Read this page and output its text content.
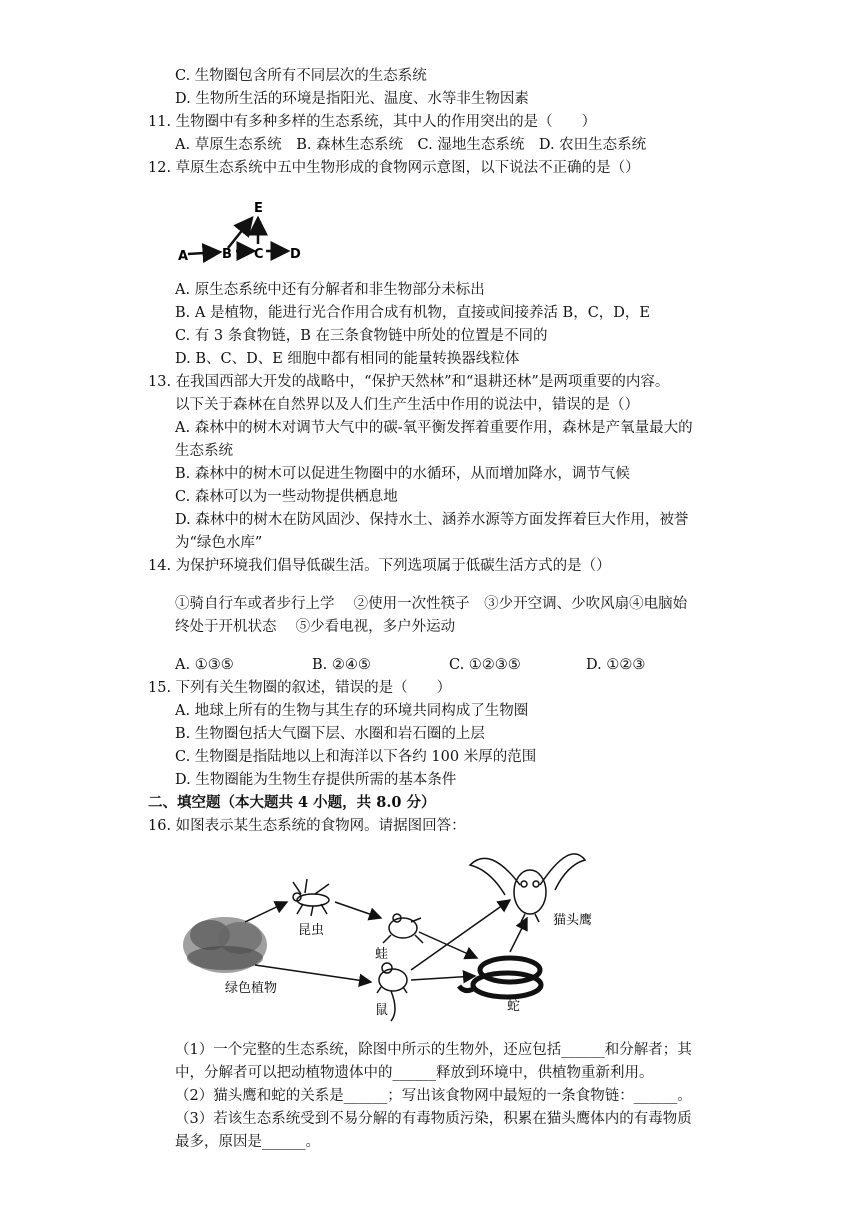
C. 生物圈包含所有不同层次的生态系统
D. 生物所生活的环境是指阳光、温度、水等非生物因素
11. 生物圈中有多种多样的生态系统，其中人的作用突出的是（　　）
A. 草原生态系统　B. 森林生态系统　C. 湿地生态系统　D. 农田生态系统
12. 草原生态系统中五中生物形成的食物网示意图，以下说法不正确的是（）
A	B
E
C D
A. 原生态系统中还有分解者和非生物部分未标出
B. A 是植物，能进行光合作用合成有机物，直接或间接养活 B，C，D，E
C. 有 3 条食物链，B 在三条食物链中所处的位置是不同的
D. B、C、D、E 细胞中都有相同的能量转换器线粒体
13. 在我国西部大开发的战略中，“保护天然林”和“退耕还林”是两项重要的内容。
以下关于森林在自然界以及人们生产生活中作用的说法中，错误的是（）
A. 森林中的树木对调节大气中的碳-氧平衡发挥着重要作用，森林是产氧量最大的
生态系统
B. 森林中的树木可以促进生物圈中的水循环，从而增加降水，调节气候
C. 森林可以为一些动物提供栖息地
D. 森林中的树木在防风固沙、保持水土、涵养水源等方面发挥着巨大作用，被誉
为“绿色水库”
14. 为保护环境我们倡导低碳生活。下列选项属于低碳生活方式的是（）
①骑自行车或者步行上学　 ②使用一次性筷子　③少开空调、少吹风扇④电脑始
终处于开机状态　 ⑤少看电视，多户外运动
A. ①③⑤	B. ②④⑤	C. ①②③⑤	D. ①②③
15. 下列有关生物圈的叙述，错误的是（　　）
A. 地球上所有的生物与其生存的环境共同构成了生物圈
B. 生物圈包括大气圈下层、水圈和岩石圈的上层
C. 生物圈是指陆地以上和海洋以下各约 100 米厚的范围
D. 生物圈能为生物生存提供所需的基本条件
二、填空题（本大题共 4 小题，共 8.0 分）
16. 如图表示某生态系统的食物网。请据图回答：
昆虫
蛙
鼠	蛇
猫头鹰
绿色植物
（1）一个完整的生态系统，除图中所示的生物外，还应包括______和分解者；其
中，分解者可以把动植物遗体中的______释放到环境中，供植物重新利用。
（2）猫头鹰和蛇的关系是______；写出该食物网中最短的一条食物链：______。
（3）若该生态系统受到不易分解的有毒物质污染，积累在猫头鹰体内的有毒物质
最多，原因是______。
